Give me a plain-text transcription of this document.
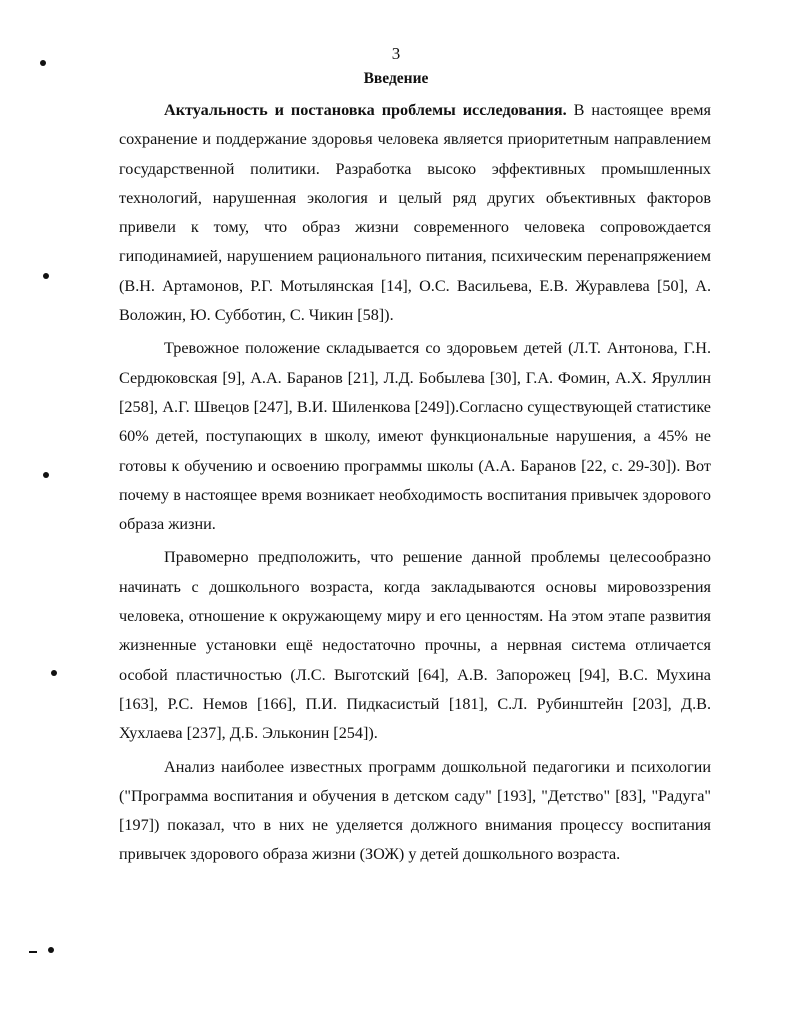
3
Введение

Актуальность и постановка проблемы исследования. В настоящее время сохранение и поддержание здоровья человека является приоритетным направлением государственной политики. Разработка высоко эффективных промышленных технологий, нарушенная экология и целый ряд других объективных факторов привели к тому, что образ жизни современного человека сопровождается гиподинамией, нарушением рационального питания, психическим перенапряжением (В.Н. Артамонов, Р.Г. Мотылянская [14], О.С. Васильева, Е.В. Журавлева [50], А. Воложин, Ю. Субботин, С. Чикин [58]).

Тревожное положение складывается со здоровьем детей (Л.Т. Антонова, Г.Н. Сердюковская [9], А.А. Баранов [21], Л.Д. Бобылева [30], Г.А. Фомин, А.Х. Яруллин [258], А.Г. Швецов [247], В.И. Шиленкова [249]).Согласно существующей статистике 60% детей, поступающих в школу, имеют функциональные нарушения, а 45% не готовы к обучению и освоению программы школы (А.А. Баранов [22, с. 29-30]). Вот почему в настоящее время возникает необходимость воспитания привычек здорового образа жизни.

Правомерно предположить, что решение данной проблемы целесообразно начинать с дошкольного возраста, когда закладываются основы мировоззрения человека, отношение к окружающему миру и его ценностям. На этом этапе развития жизненные установки ещё недостаточно прочны, а нервная система отличается особой пластичностью (Л.С. Выготский [64], А.В. Запорожец [94], В.С. Мухина [163], Р.С. Немов [166], П.И. Пидкасистый [181], С.Л. Рубинштейн [203], Д.В. Хухлаева [237], Д.Б. Эльконин [254]).

Анализ наиболее известных программ дошкольной педагогики и психологии ("Программа воспитания и обучения в детском саду" [193], "Детство" [83], "Радуга" [197]) показал, что в них не уделяется должного внимания процессу воспитания привычек здорового образа жизни (ЗОЖ) у детей дошкольного возраста.
